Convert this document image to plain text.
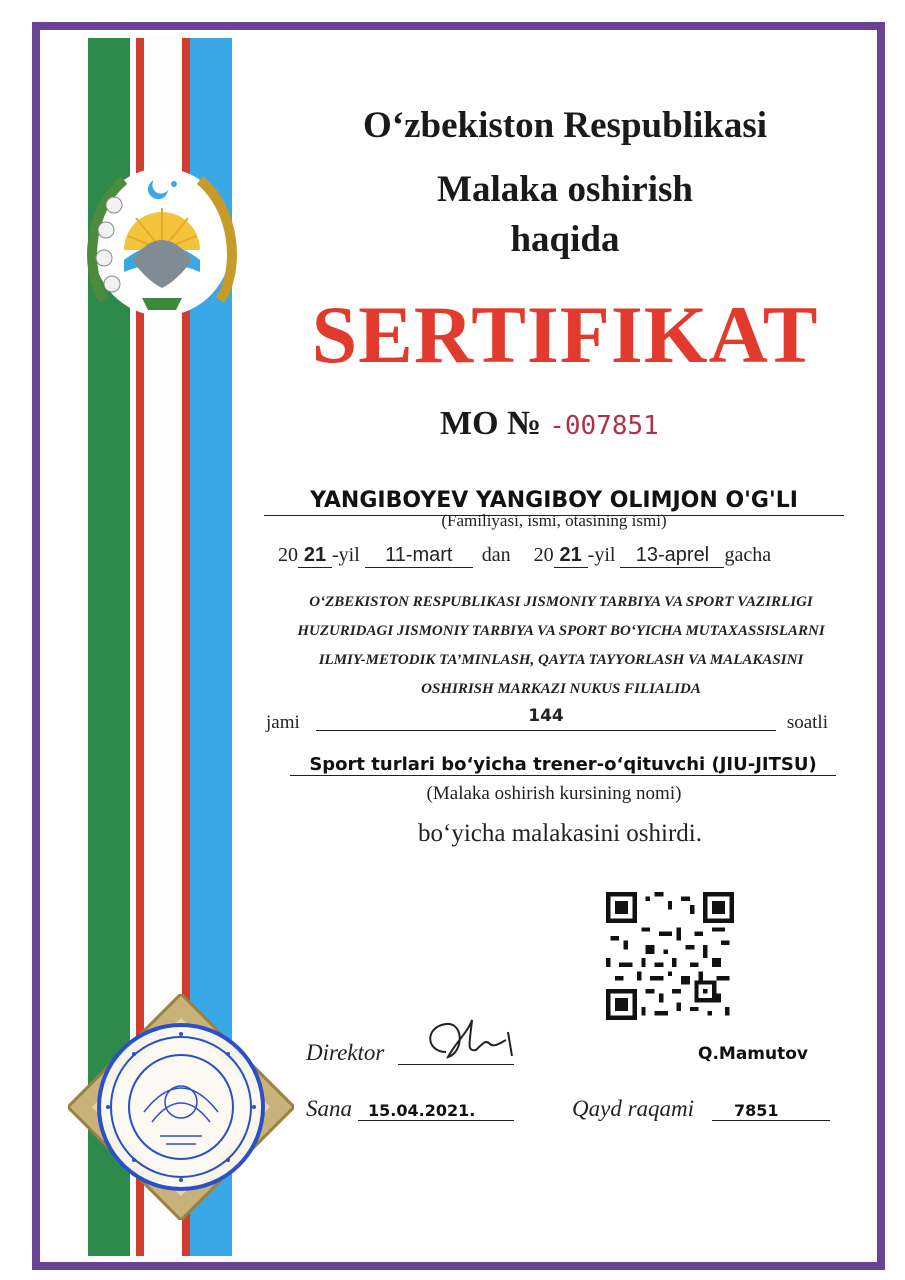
O‘zbekiston Respublikasi
Malaka oshirish
haqida
SERTIFIKAT
MO № -007851
YANGIBOYEV YANGIBOY OLIMJON O'G'LI
(Familiyasi, ismi, otasining ismi)
20 21 -yil 11-mart dan 20 21 -yil 13-aprel gacha
O‘ZBEKISTON RESPUBLIKASI JISMONIY TARBIYA VA SPORT VAZIRLIGI
HUZURIDAGI JISMONIY TARBIYA VA SPORT BO‘YICHA MUTAXASSISLARNI
ILMIY-METODIK TA’MINLASH, QAYTA TAYYORLASH VA MALAKASINI
OSHIRISH MARKAZI NUKUS FILIALIDA
jami	144	soatli
Sport turlari bo‘yicha trener-o‘qituvchi (JIU-JITSU)
(Malaka oshirish kursining nomi)
bo‘yicha malakasini oshirdi.
Direktor	Q.Mamutov
Sana 15.04.2021.	Qayd raqami 7851
